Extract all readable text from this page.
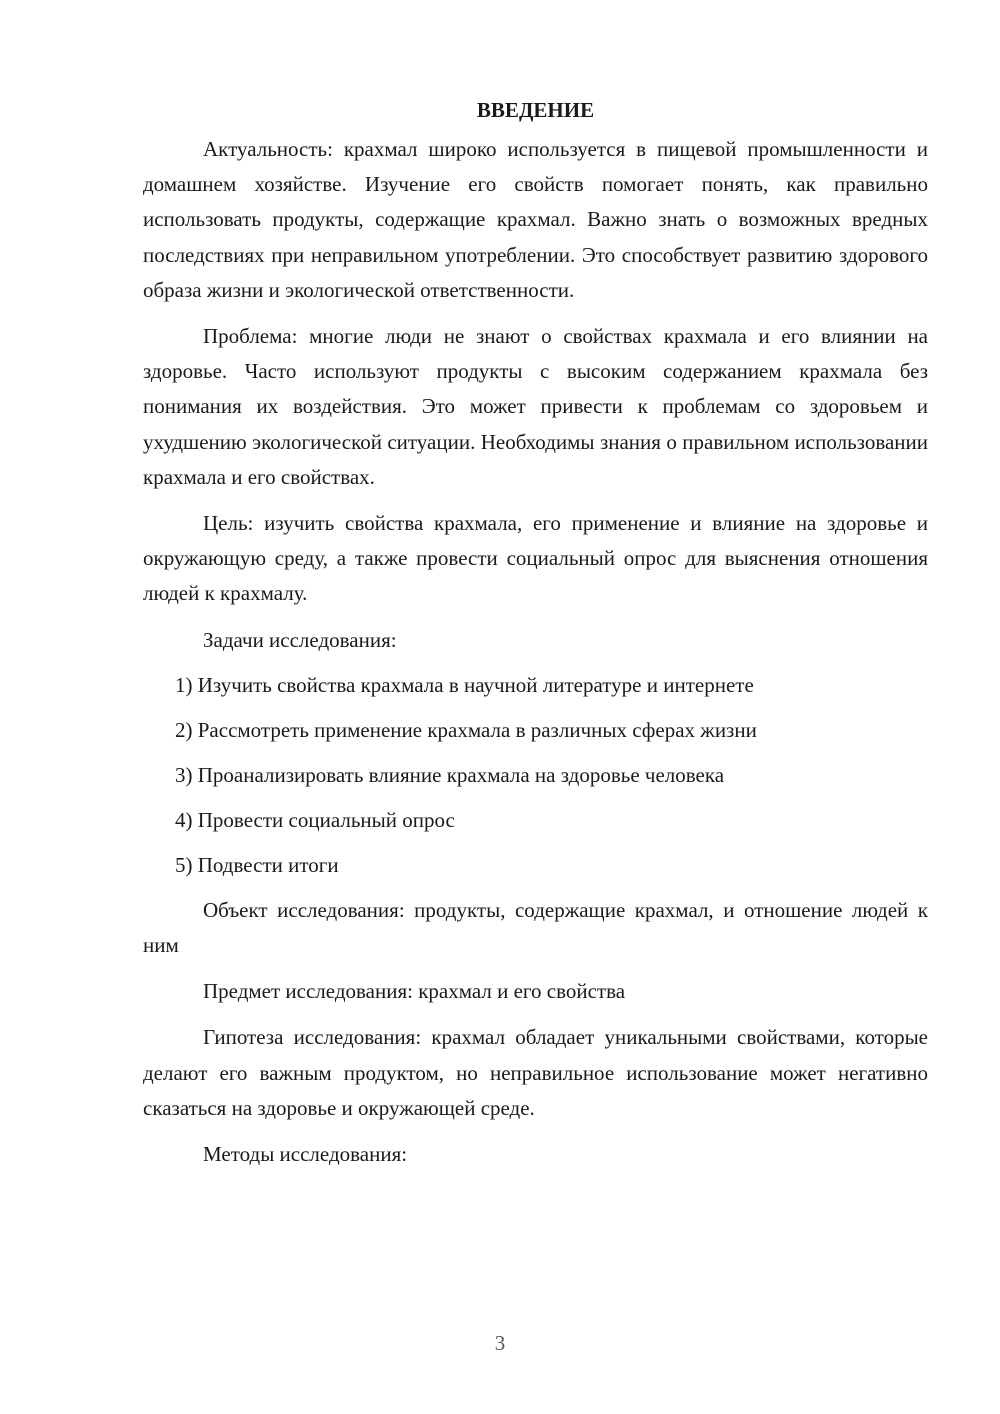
ВВЕДЕНИЕ

Актуальность: крахмал широко используется в пищевой промышленности и домашнем хозяйстве. Изучение его свойств помогает понять, как правильно использовать продукты, содержащие крахмал. Важно знать о возможных вредных последствиях при неправильном употреблении. Это способствует развитию здорового образа жизни и экологической ответственности.

Проблема: многие люди не знают о свойствах крахмала и его влиянии на здоровье. Часто используют продукты с высоким содержанием крахмала без понимания их воздействия. Это может привести к проблемам со здоровьем и ухудшению экологической ситуации. Необходимы знания о правильном использовании крахмала и его свойствах.

Цель: изучить свойства крахмала, его применение и влияние на здоровье и окружающую среду, а также провести социальный опрос для выяснения отношения людей к крахмалу.

Задачи исследования:

1) Изучить свойства крахмала в научной литературе и интернете
2) Рассмотреть применение крахмала в различных сферах жизни
3) Проанализировать влияние крахмала на здоровье человека
4) Провести социальный опрос
5) Подвести итоги

Объект исследования: продукты, содержащие крахмал, и отношение людей к ним

Предмет исследования: крахмал и его свойства

Гипотеза исследования: крахмал обладает уникальными свойствами, которые делают его важным продуктом, но неправильное использование может негативно сказаться на здоровье и окружающей среде.

Методы исследования:

3
